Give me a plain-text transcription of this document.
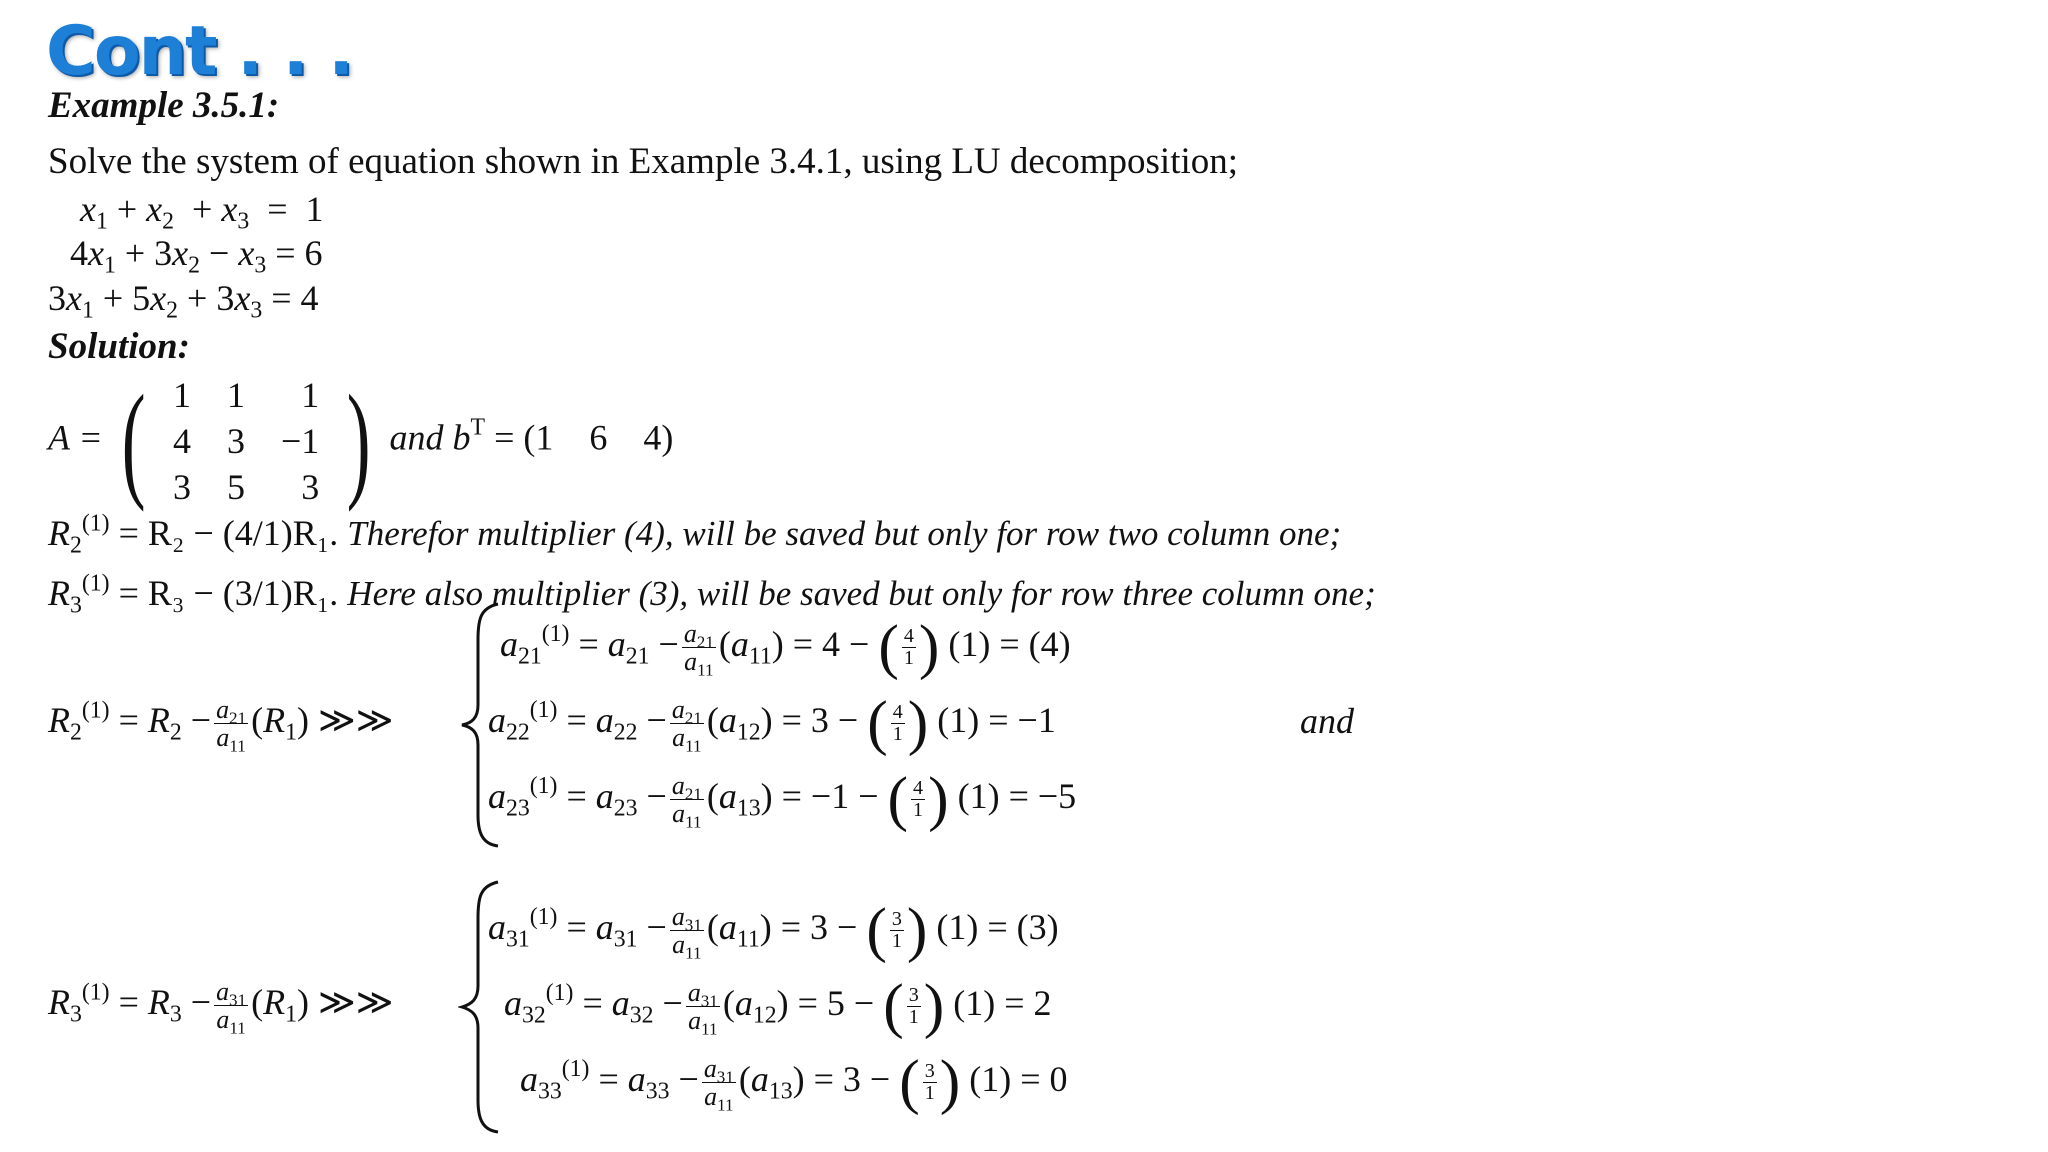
Cont . . .
Example 3.5.1:
Solve the system of equation shown in Example 3.4.1, using LU decomposition;
$x_1 + x_2 + x_3 = 1$
$4x_1 + 3x_2 - x_3 = 6$
$3x_1 + 5x_2 + 3x_3 = 4$
Solution:
A = ( 1	1	1
4	3	−1
3	5	3 ) and $b^T = (1$ 6 4)
$R_2^{(1)} = R_2 - (4/1)R_1$. Therefor multiplier (4), will be saved but only for row two column one;
$R_3^{(1)} = R_3 - (3/1)R_1$. Here also multiplier (3), will be saved but only for row three column one;
$R_2^{(1)} = R_2 - \frac{a_{21}}{a_{11}} (R_1)$ ≫≫
$a_{21}^{(1)} = a_{21} - \frac{a_{21}}{a_{11}} (a_{11}) = 4$ − ( $\frac{4}{1}$ ) (1) = (4)
$a_{22}^{(1)} = a_{22} - \frac{a_{21}}{a_{11}} (a_{12}) = 3$ − ( $\frac{4}{1}$ ) (1) = −1
$a_{23}^{(1)} = a_{23} - \frac{a_{21}}{a_{11}} (a_{13}) = -1$ − ( $\frac{4}{1}$ ) (1) = −5
and
$R_3^{(1)} = R_3 - \frac{a_{31}}{a_{11}} (R_1)$ ≫≫
$a_{31}^{(1)} = a_{31} - \frac{a_{31}}{a_{11}} (a_{11}) = 3$ − ( $\frac{3}{1}$ ) (1) = (3)
$a_{32}^{(1)} = a_{32} - \frac{a_{31}}{a_{11}} (a_{12}) = 5$ − ( $\frac{3}{1}$ ) (1) = 2
$a_{33}^{(1)} = a_{33} - \frac{a_{31}}{a_{11}} (a_{13}) = 3$ − ( $\frac{3}{1}$ ) (1) = 0
